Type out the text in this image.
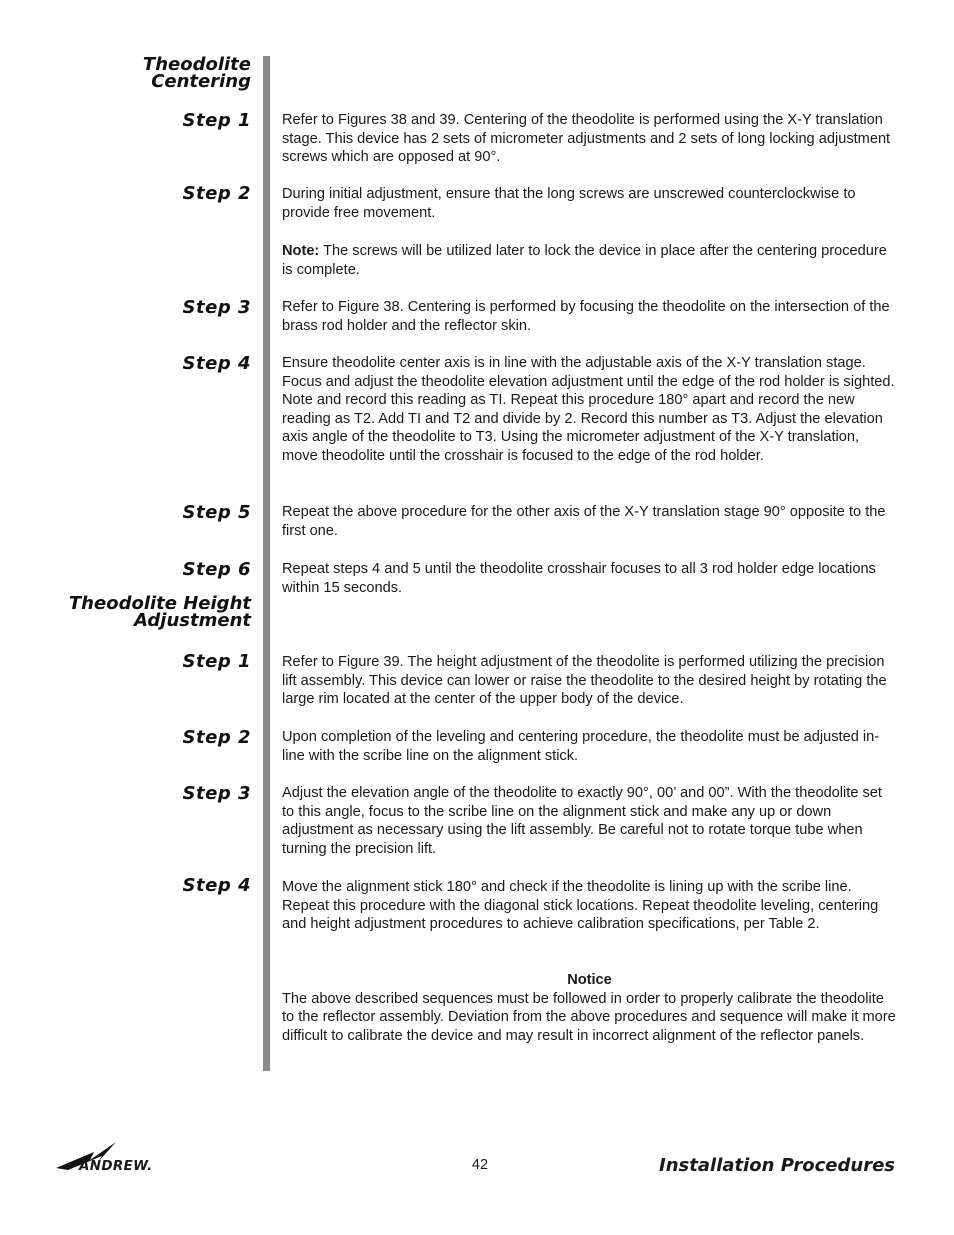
Theodolite
Centering
Step 1 Refer to Figures 38 and 39. Centering of the theodolite is performed using the X-Y translation stage. This device has 2 sets of micrometer adjustments and 2 sets of long locking adjustment screws which are opposed at 90°.

Step 2 During initial adjustment, ensure that the long screws are unscrewed counterclockwise to provide free movement.

Note: The screws will be utilized later to lock the device in place after the centering procedure is complete.

Step 3 Refer to Figure 38. Centering is performed by focusing the theodolite on the intersection of the brass rod holder and the reflector skin.

Step 4 Ensure theodolite center axis is in line with the adjustable axis of the X-Y translation stage. Focus and adjust the theodolite elevation adjustment until the edge of the rod holder is sighted. Note and record this reading as TI. Repeat this procedure 180° apart and record the new reading as T2. Add TI and T2 and divide by 2. Record this number as T3. Adjust the elevation axis angle of the theodolite to T3. Using the micrometer adjustment of the X-Y translation, move theodolite until the crosshair is focused to the edge of the rod holder.

Step 5 Repeat the above procedure for the other axis of the X-Y translation stage 90° opposite to the first one.

Step 6 Repeat steps 4 and 5 until the theodolite crosshair focuses to all 3 rod holder edge locations within 15 seconds.

Theodolite Height
Adjustment
Step 1 Refer to Figure 39. The height adjustment of the theodolite is performed utilizing the precision lift assembly. This device can lower or raise the theodolite to the desired height by rotating the large rim located at the center of the upper body of the device.

Step 2 Upon completion of the leveling and centering procedure, the theodolite must be adjusted in-line with the scribe line on the alignment stick.

Step 3 Adjust the elevation angle of the theodolite to exactly 90°, 00’ and 00”. With the theodolite set to this angle, focus to the scribe line on the alignment stick and make any up or down adjustment as necessary using the lift assembly. Be careful not to rotate torque tube when turning the precision lift.

Step 4 Move the alignment stick 180° and check if the theodolite is lining up with the scribe line. Repeat this procedure with the diagonal stick locations. Repeat theodolite leveling, centering and height adjustment procedures to achieve calibration specifications, per Table 2.

Notice
The above described sequences must be followed in order to properly calibrate the theodolite to the reflector assembly. Deviation from the above procedures and sequence will make it more difficult to calibrate the device and may result in incorrect alignment of the reflector panels.
ANDREW.	42	Installation Procedures
